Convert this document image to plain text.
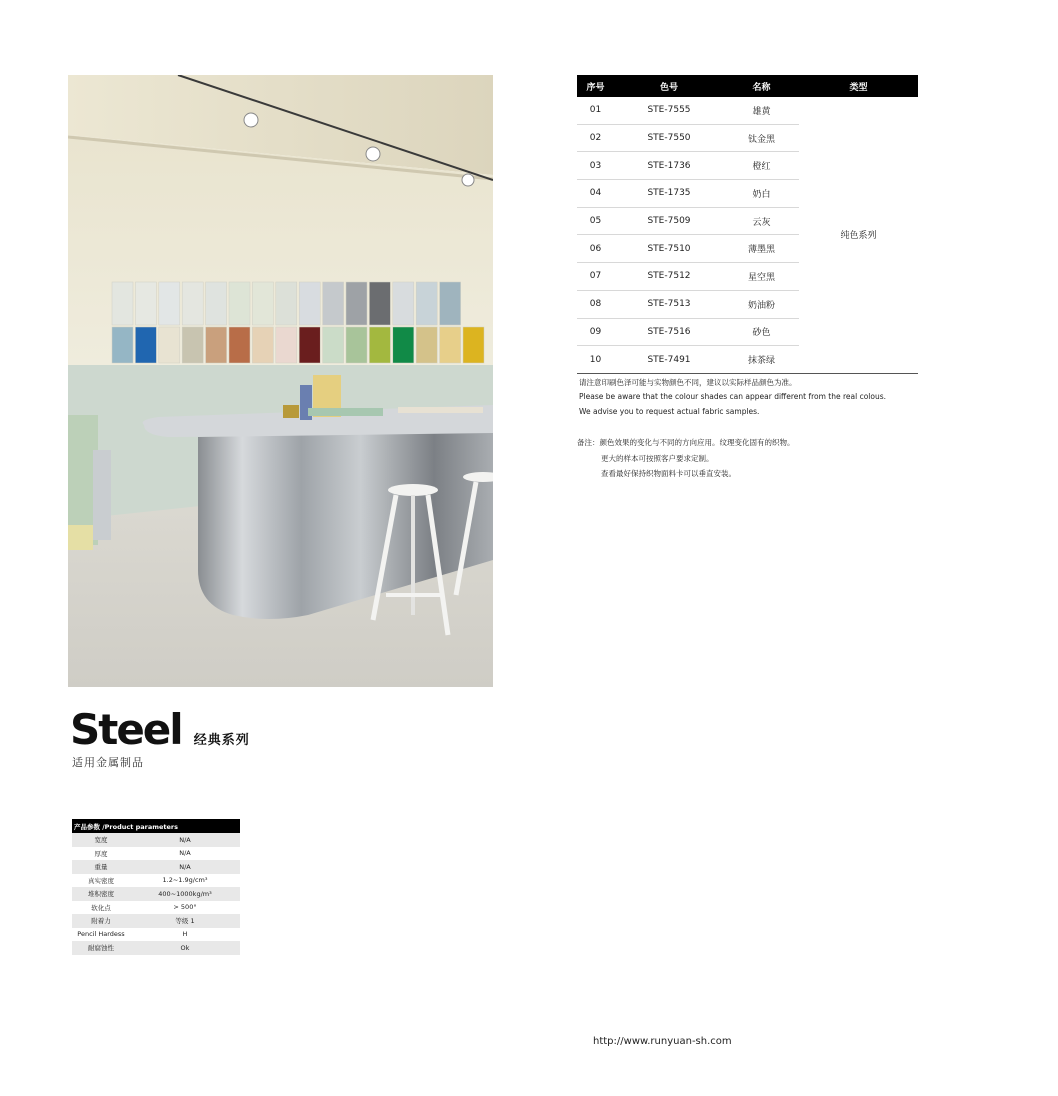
Steel 经典系列
适用金属制品
产品参数 /Product parameters	
宽度	N/A
厚度	N/A
重量	N/A
真实密度	1.2~1.9g/cm³
堆积密度	400~1000kg/m³
软化点	> 500°
附着力	等级 1
Pencil Hardess	H
耐腐蚀性	Ok
序号	色号	名称	类型
01	STE-7555	雄黄	纯色系列
02	STE-7550	钛金黑	
03	STE-1736	橙红	
04	STE-1735	奶白	
05	STE-7509	云灰	
06	STE-7510	薄墨黑	
07	STE-7512	星空黑	
08	STE-7513	奶油粉	
09	STE-7516	砂色	
10	STE-7491	抹茶绿	
请注意印刷色泽可能与实物颜色不同，建议以实际样品颜色为准。
Please be aware that the colour shades can appear different from the real colous.
We advise you to request actual fabric samples.
备注：颜色效果的变化与不同的方向应用。纹理变化固有的织物。
更大的样本可按照客户要求定制。
查看最好保持织物面料卡可以垂直安装。
http://www.runyuan-sh.com
